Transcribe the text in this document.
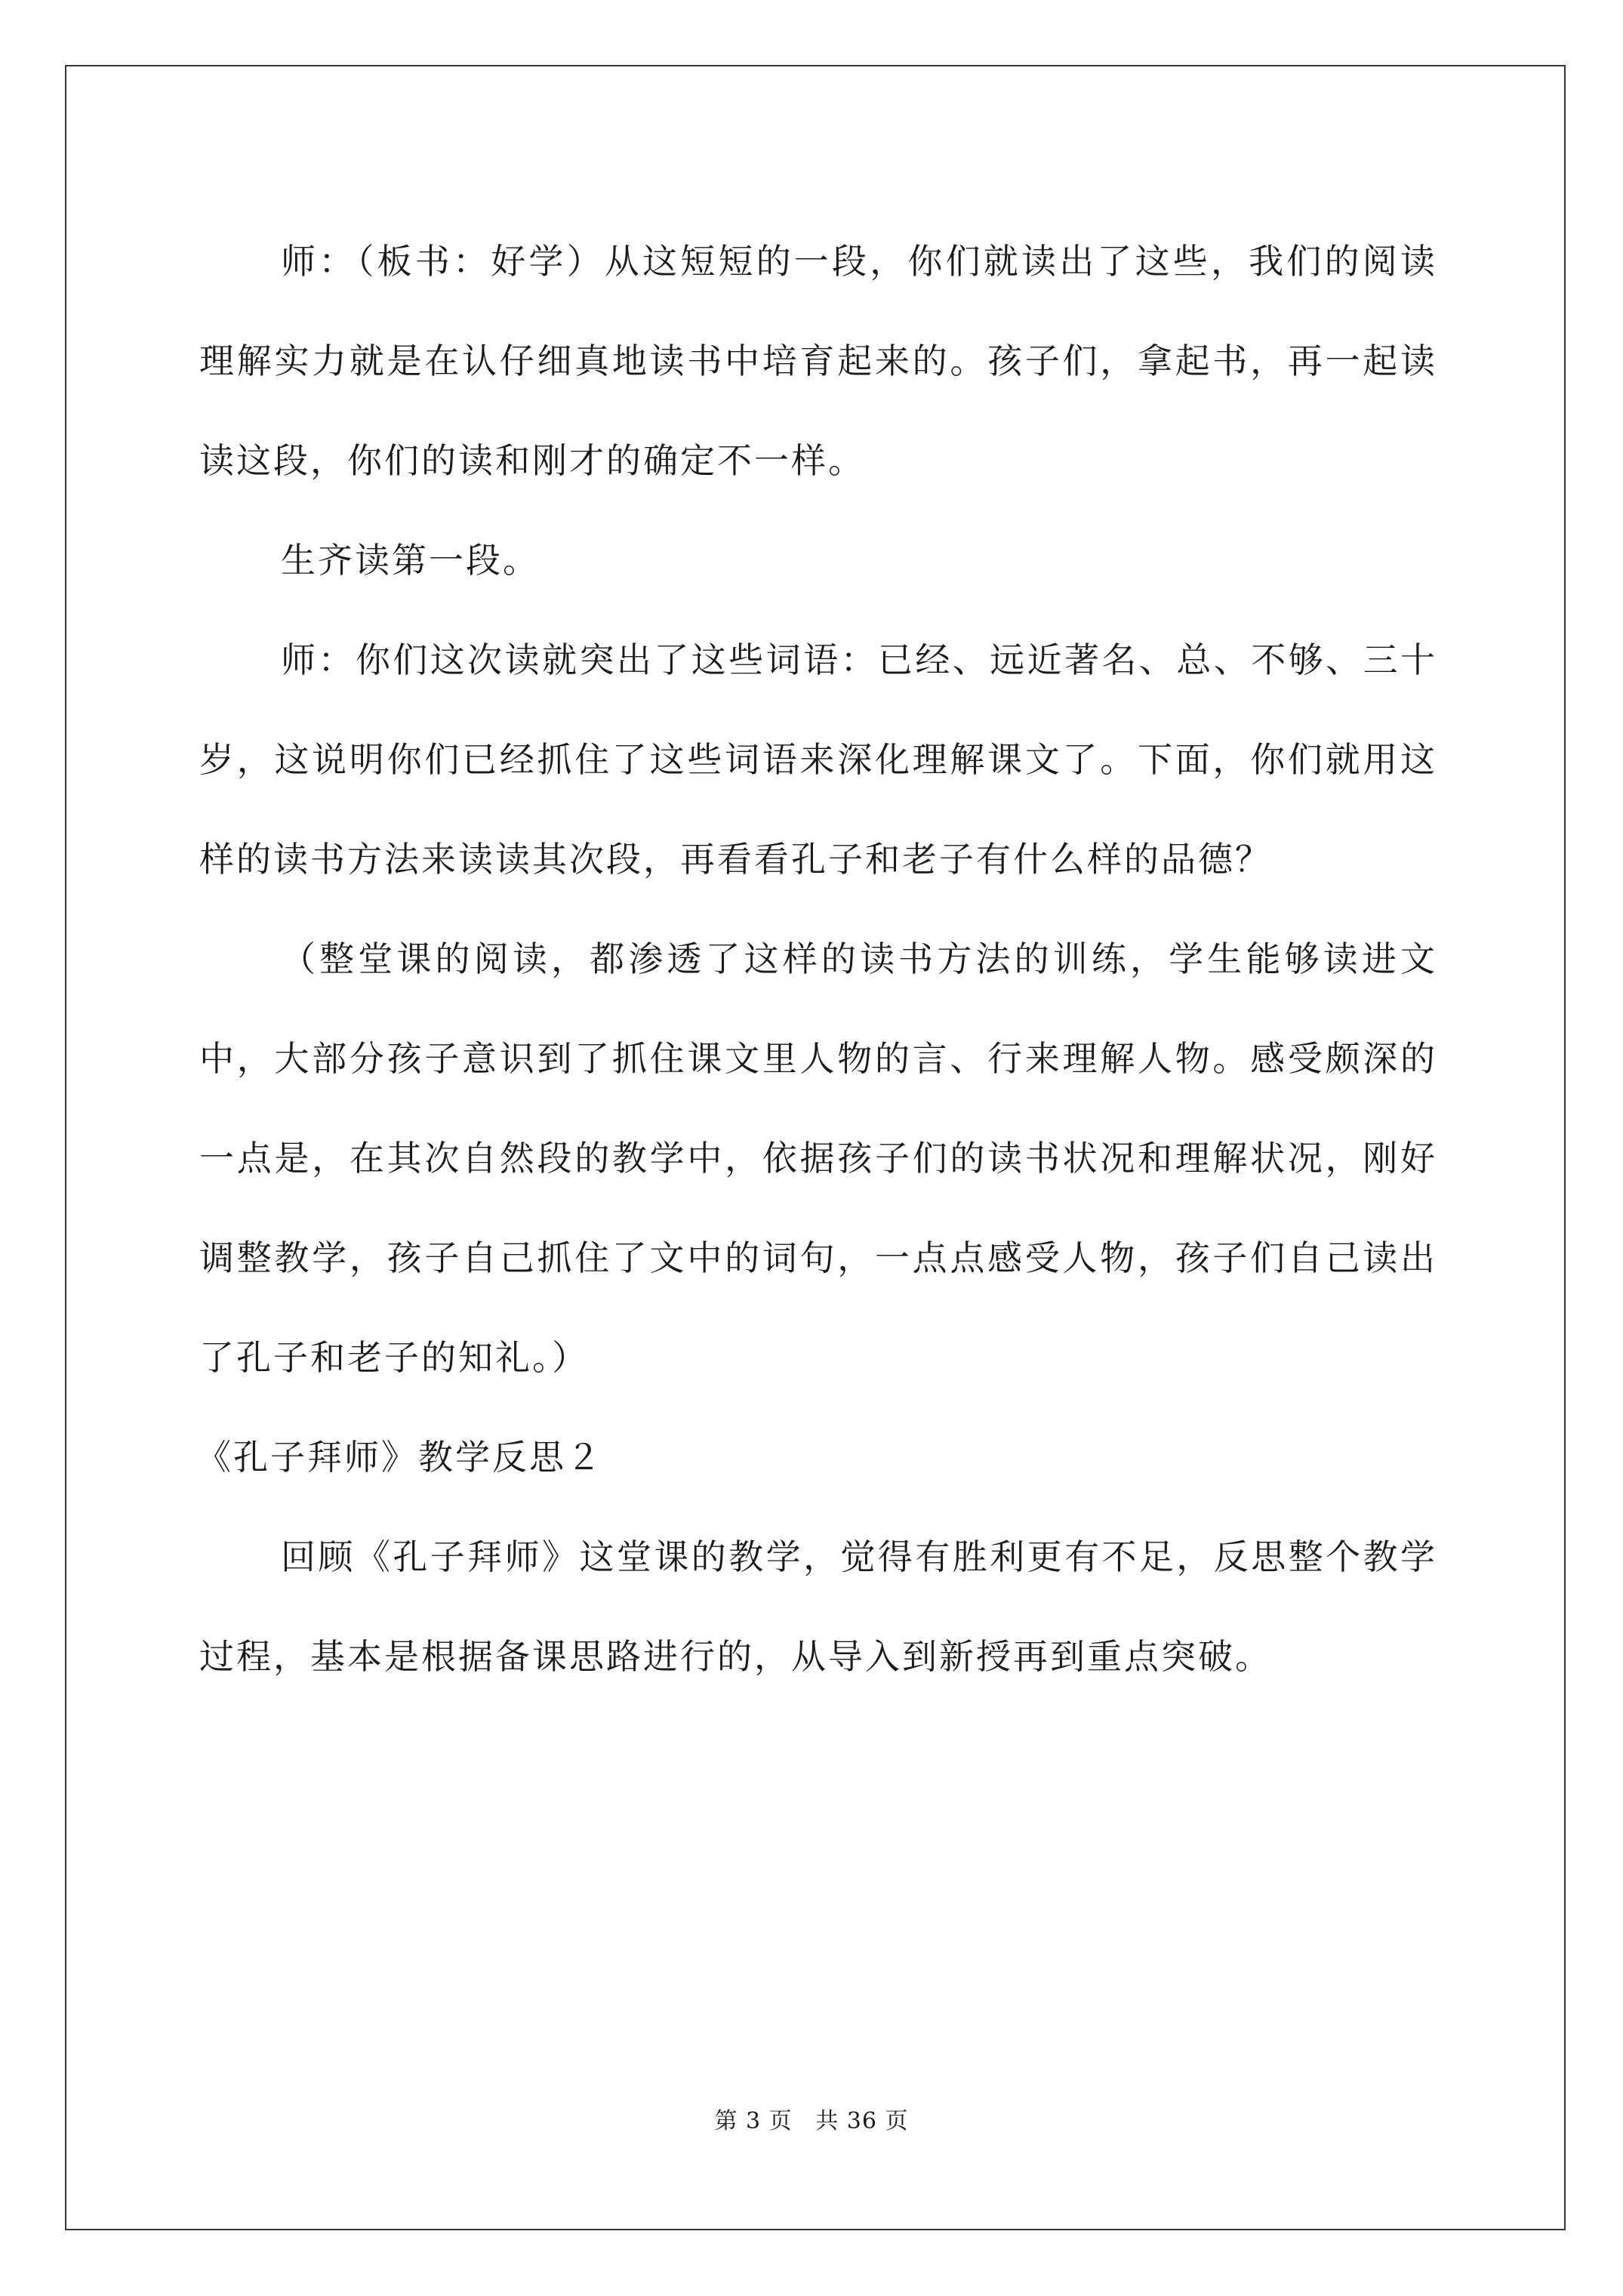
师：（板书：好学）从这短短的一段，你们就读出了这些，我们的阅读理解实力就是在认仔细真地读书中培育起来的。孩子们，拿起书，再一起读读这段，你们的读和刚才的确定不一样。

生齐读第一段。

师：你们这次读就突出了这些词语：已经、远近著名、总、不够、三十岁，这说明你们已经抓住了这些词语来深化理解课文了。下面，你们就用这样的读书方法来读读其次段，再看看孔子和老子有什么样的品德？

（整堂课的阅读，都渗透了这样的读书方法的训练，学生能够读进文中，大部分孩子意识到了抓住课文里人物的言、行来理解人物。感受颇深的一点是，在其次自然段的教学中，依据孩子们的读书状况和理解状况，刚好调整教学，孩子自己抓住了文中的词句，一点点感受人物，孩子们自己读出了孔子和老子的知礼。）

《孔子拜师》教学反思２

回顾《孔子拜师》这堂课的教学，觉得有胜利更有不足，反思整个教学过程，基本是根据备课思路进行的，从导入到新授再到重点突破。

第 3 页 共 36 页
